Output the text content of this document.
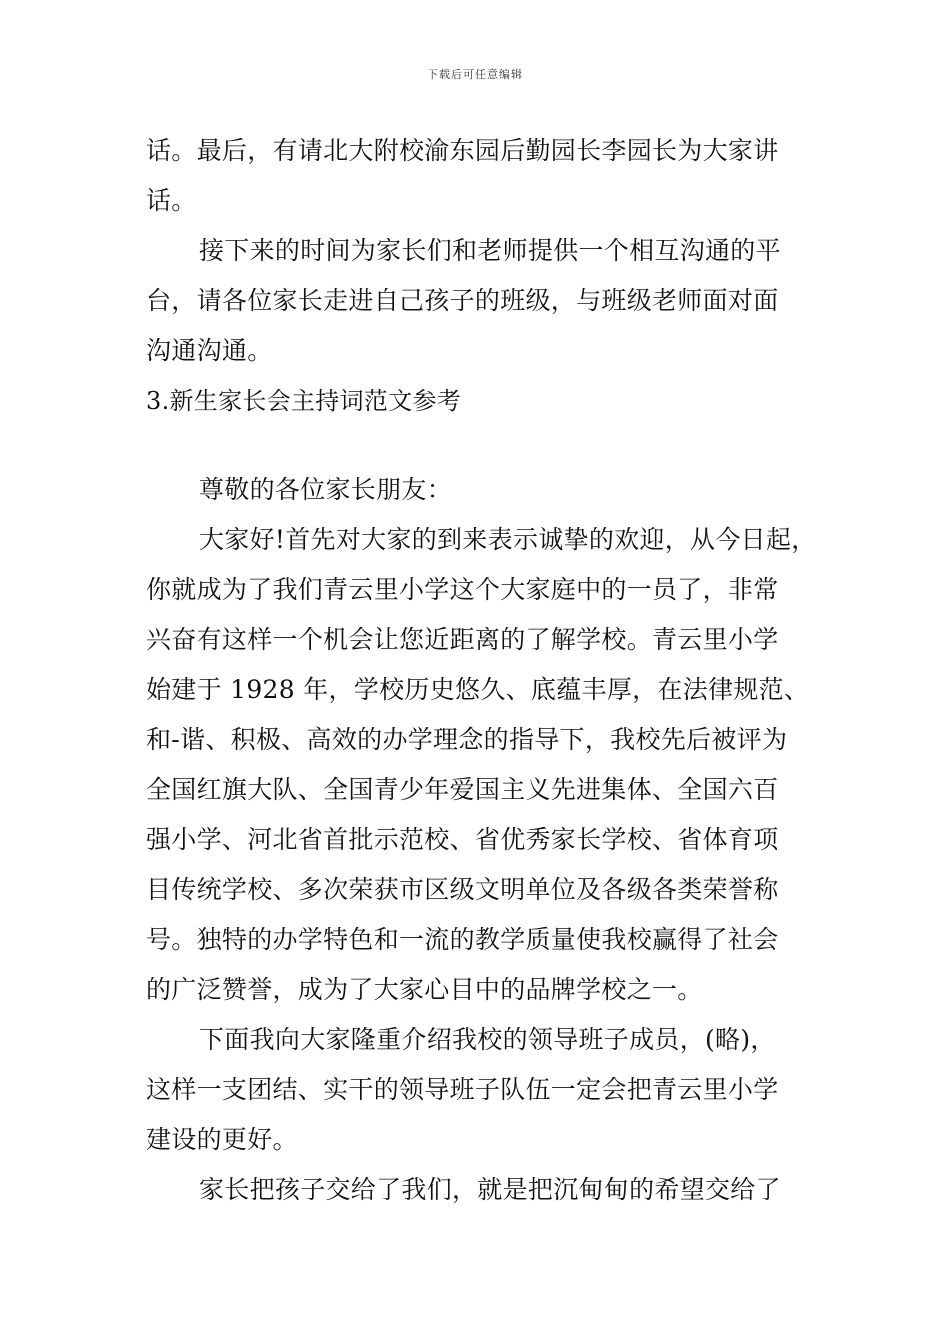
下载后可任意编辑
话。最后，有请北大附校渝东园后勤园长李园长为大家讲
话。
接下来的时间为家长们和老师提供一个相互沟通的平
台，请各位家长走进自己孩子的班级，与班级老师面对面
沟通沟通。
3.新生家长会主持词范文参考
尊敬的各位家长朋友：
大家好!首先对大家的到来表示诚挚的欢迎，从今日起，
你就成为了我们青云里小学这个大家庭中的一员了，非常
兴奋有这样一个机会让您近距离的了解学校。青云里小学
始建于 1928 年，学校历史悠久、底蕴丰厚，在法律规范、
和-谐、积极、高效的办学理念的指导下，我校先后被评为
全国红旗大队、全国青少年爱国主义先进集体、全国六百
强小学、河北省首批示范校、省优秀家长学校、省体育项
目传统学校、多次荣获市区级文明单位及各级各类荣誉称
号。独特的办学特色和一流的教学质量使我校赢得了社会
的广泛赞誉，成为了大家心目中的品牌学校之一。
下面我向大家隆重介绍我校的领导班子成员，(略)，
这样一支团结、实干的领导班子队伍一定会把青云里小学
建设的更好。
家长把孩子交给了我们，就是把沉甸甸的希望交给了
